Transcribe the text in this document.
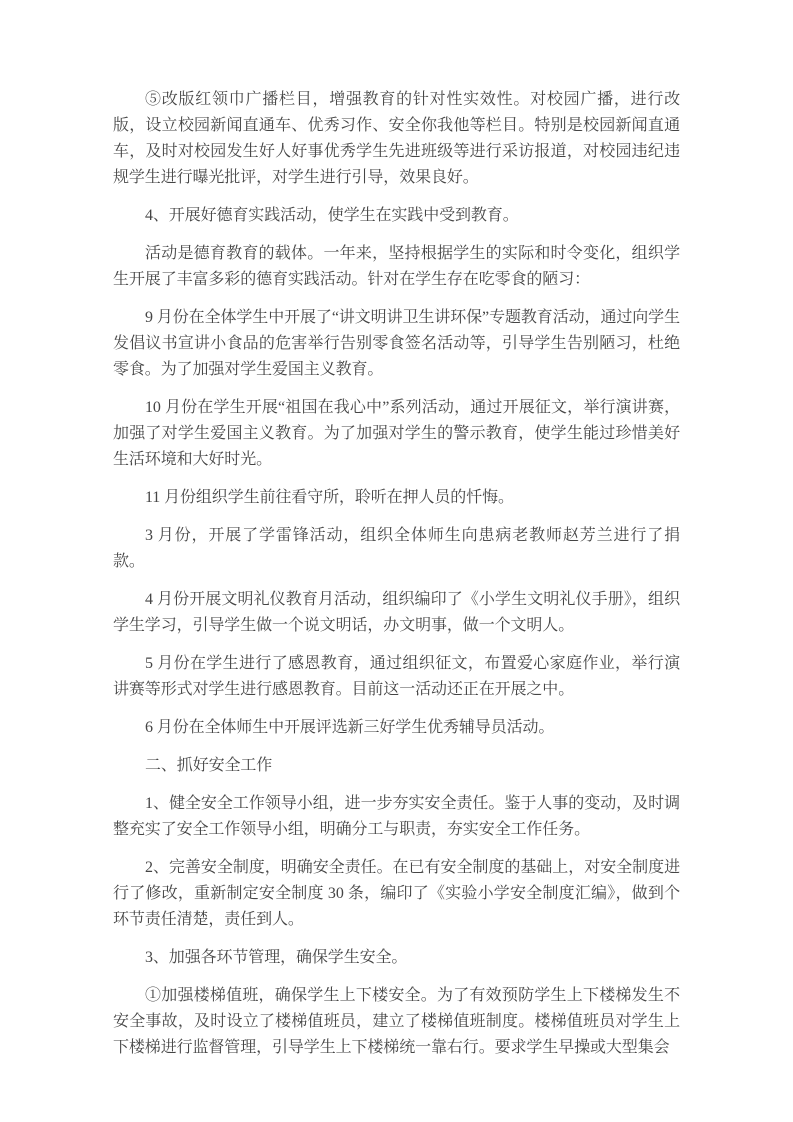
⑤改版红领巾广播栏目，增强教育的针对性实效性。对校园广播，进行改版，设立校园新闻直通车、优秀习作、安全你我他等栏目。特别是校园新闻直通车，及时对校园发生好人好事优秀学生先进班级等进行采访报道，对校园违纪违规学生进行曝光批评，对学生进行引导，效果良好。

4、开展好德育实践活动，使学生在实践中受到教育。

活动是德育教育的载体。一年来，坚持根据学生的实际和时令变化，组织学生开展了丰富多彩的德育实践活动。针对在学生存在吃零食的陋习：

9 月份在全体学生中开展了“讲文明讲卫生讲环保”专题教育活动，通过向学生发倡议书宣讲小食品的危害举行告别零食签名活动等，引导学生告别陋习，杜绝零食。为了加强对学生爱国主义教育。

10 月份在学生开展“祖国在我心中”系列活动，通过开展征文，举行演讲赛，加强了对学生爱国主义教育。为了加强对学生的警示教育，使学生能过珍惜美好生活环境和大好时光。

11 月份组织学生前往看守所，聆听在押人员的忏悔。

3 月份，开展了学雷锋活动，组织全体师生向患病老教师赵芳兰进行了捐款。

4 月份开展文明礼仪教育月活动，组织编印了《小学生文明礼仪手册》，组织学生学习，引导学生做一个说文明话，办文明事，做一个文明人。

5 月份在学生进行了感恩教育，通过组织征文，布置爱心家庭作业，举行演讲赛等形式对学生进行感恩教育。目前这一活动还正在开展之中。

6 月份在全体师生中开展评选新三好学生优秀辅导员活动。

二、抓好安全工作

1、健全安全工作领导小组，进一步夯实安全责任。鉴于人事的变动，及时调整充实了安全工作领导小组，明确分工与职责，夯实安全工作任务。

2、完善安全制度，明确安全责任。在已有安全制度的基础上，对安全制度进行了修改，重新制定安全制度 30 条，编印了《实验小学安全制度汇编》，做到个环节责任清楚，责任到人。

3、加强各环节管理，确保学生安全。

①加强楼梯值班，确保学生上下楼安全。为了有效预防学生上下楼梯发生不安全事故，及时设立了楼梯值班员，建立了楼梯值班制度。楼梯值班员对学生上下楼梯进行监督管理，引导学生上下楼梯统一靠右行。要求学生早操或大型集会
